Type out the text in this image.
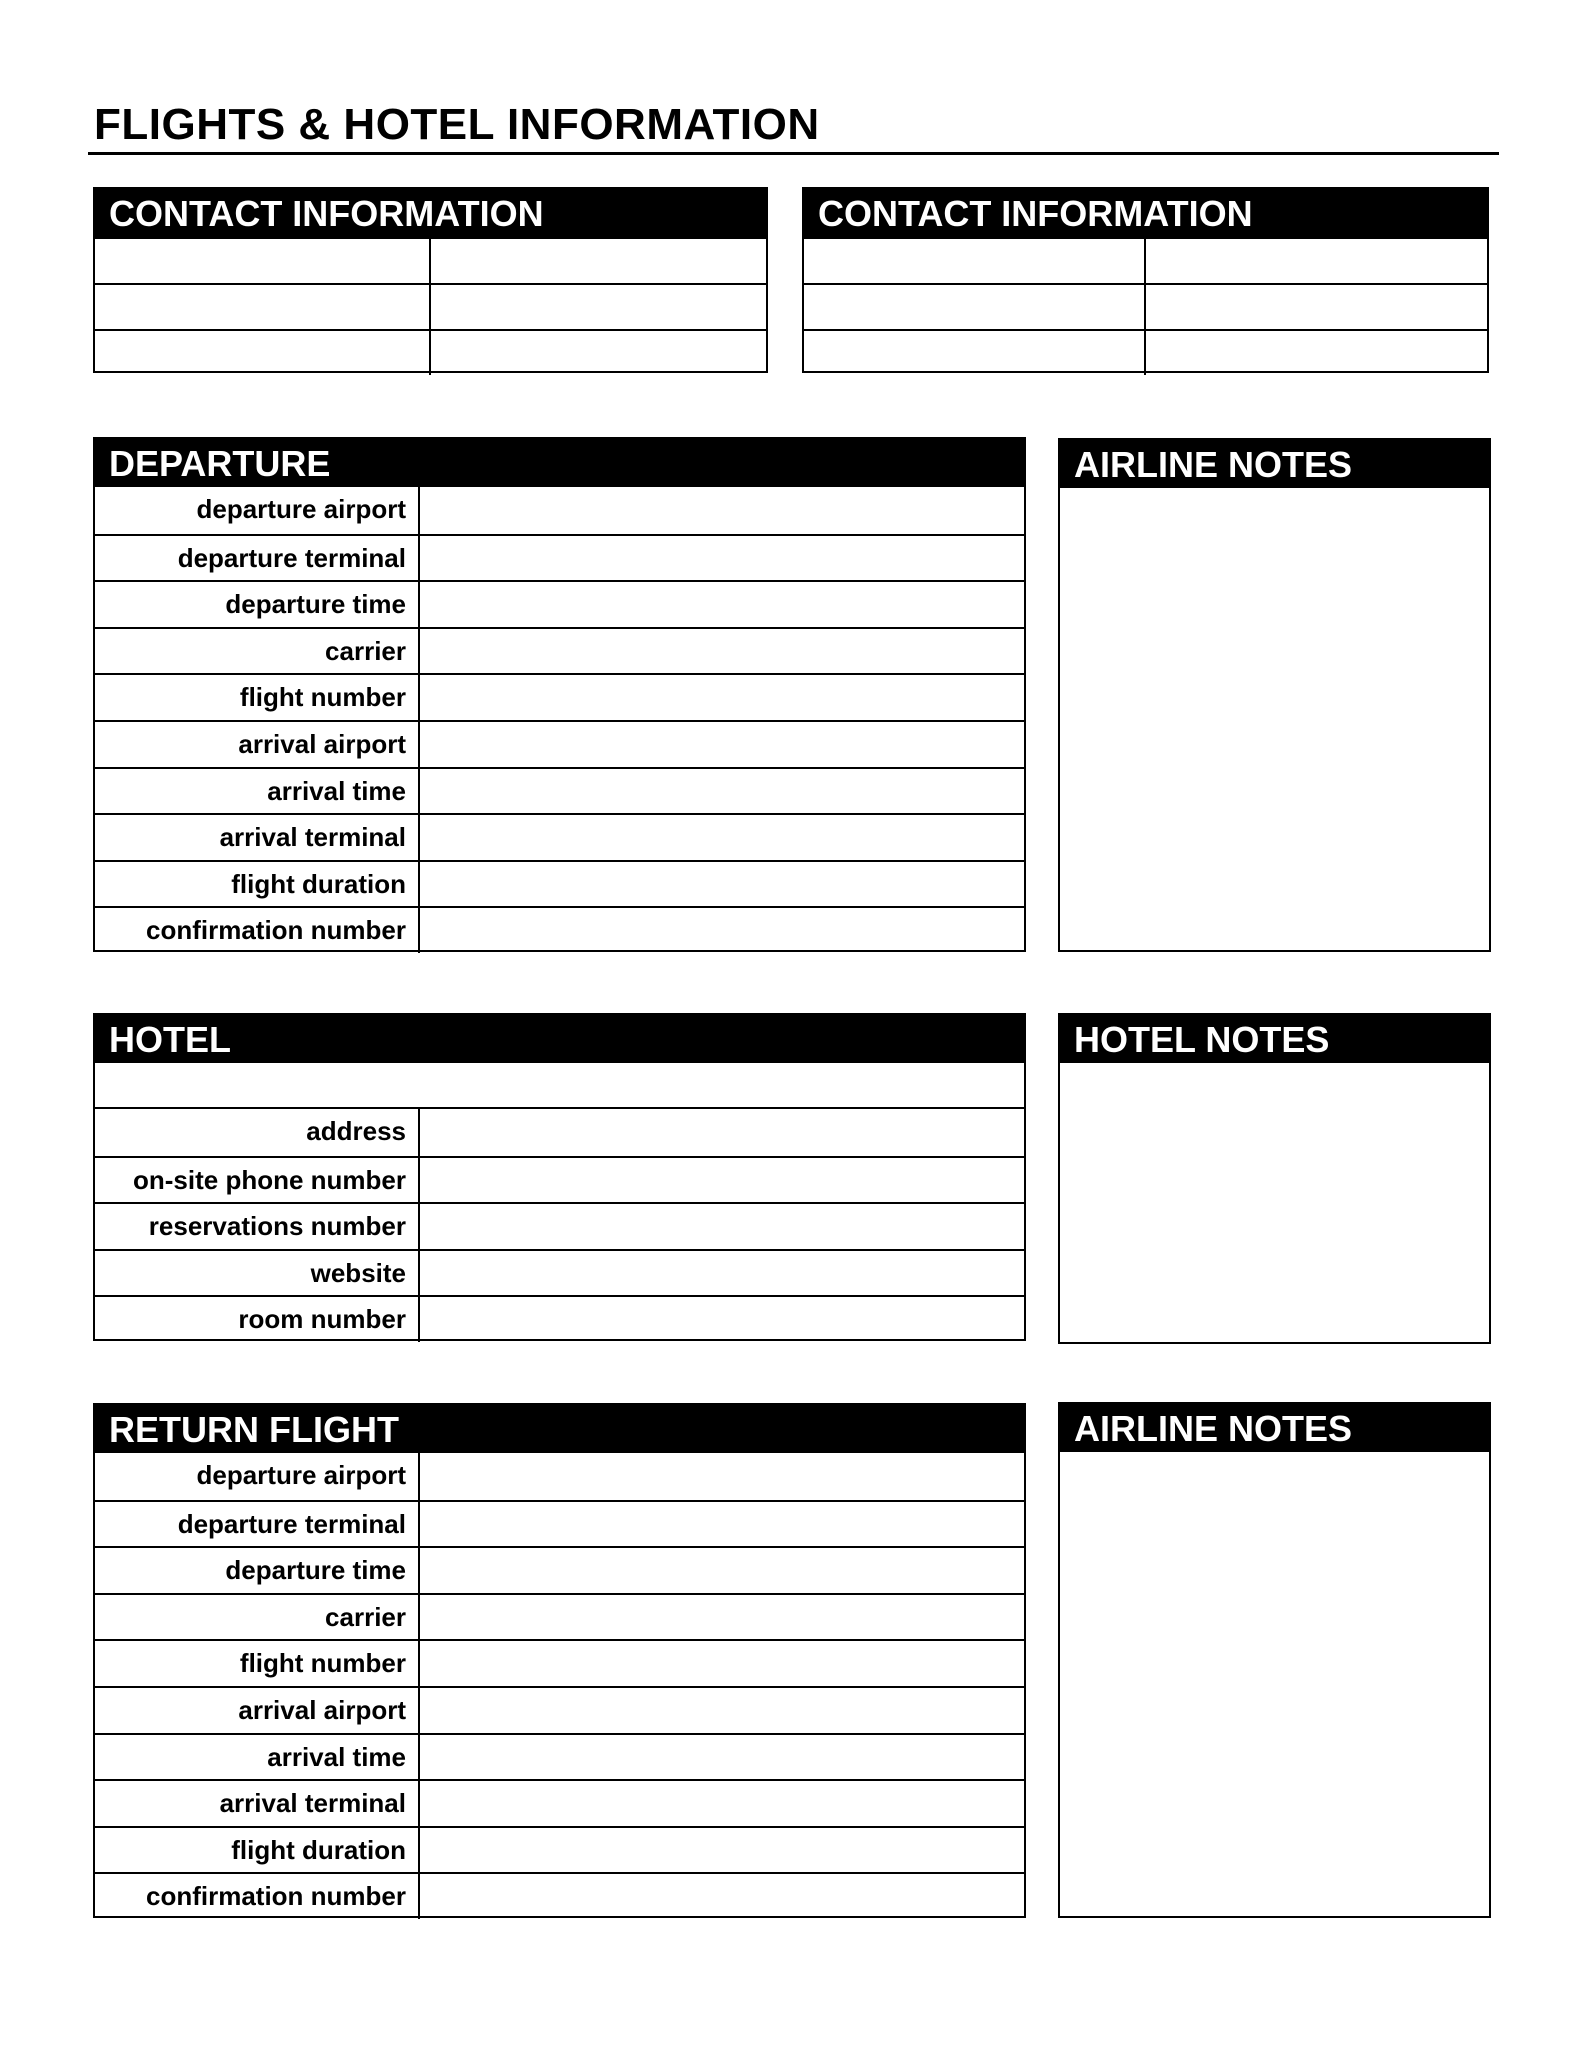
FLIGHTS & HOTEL INFORMATION
CONTACT INFORMATION	CONTACT INFORMATION
DEPARTURE
departure airport
departure terminal
departure time
carrier
flight number
arrival airport
arrival time
arrival terminal
flight duration
confirmation number
AIRLINE NOTES
HOTEL
address
on-site phone number
reservations number
website
room number
HOTEL NOTES
RETURN FLIGHT
departure airport
departure terminal
departure time
carrier
flight number
arrival airport
arrival time
arrival terminal
flight duration
confirmation number
AIRLINE NOTES
